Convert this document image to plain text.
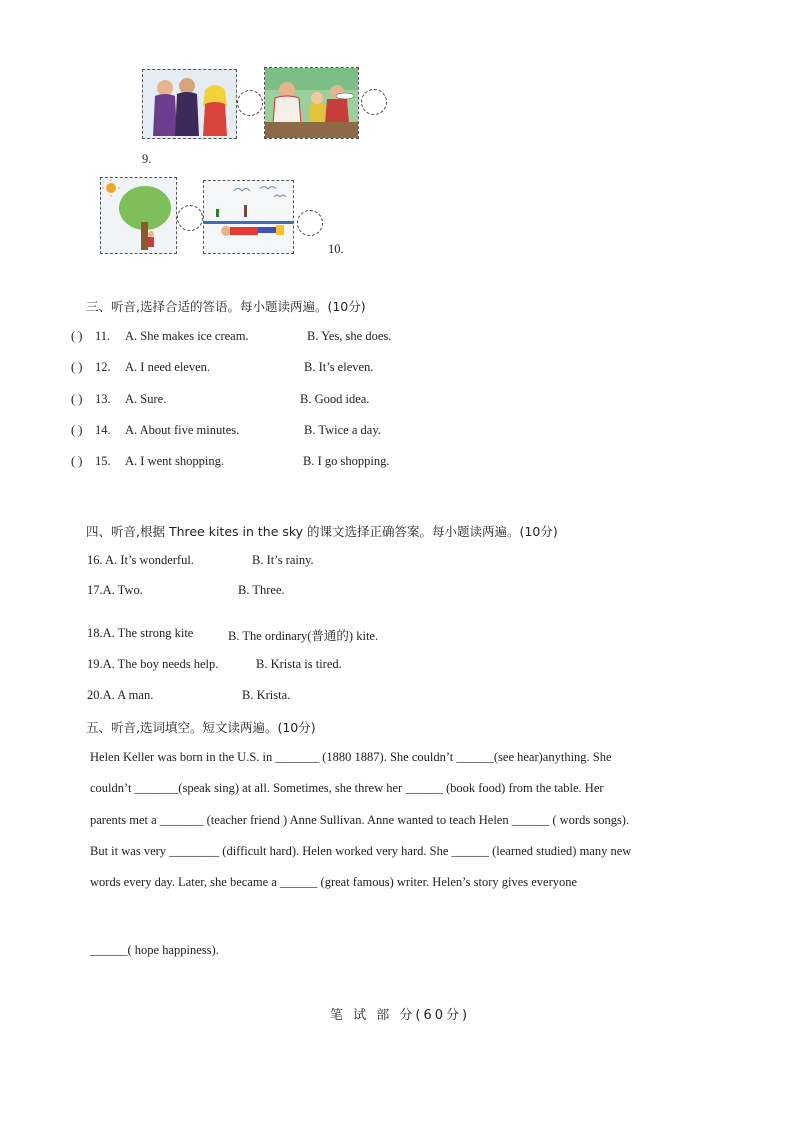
9.
10.
三、听音,选择合适的答语。每小题读两遍。(10分)
( ) 11. A. She makes ice cream.	B. Yes, she does.
( ) 12. A. I need eleven.	B. It’s eleven.
( ) 13. A. Sure.	B. Good idea.
( ) 14. A. About five minutes.	B. Twice a day.
( ) 15. A. I went shopping.	B. I go shopping.
四、听音,根据 Three kites in the sky 的课文选择正确答案。每小题读两遍。(10分)
16. A. It’s wonderful.	B. It’s rainy.
17.A. Two.	B. Three.
18.A. The strong kite	B. The ordinary(普通的) kite.
19.A. The boy needs help.	B. Krista is tired.
20.A. A man.	B. Krista.
五、听音,选词填空。短文读两遍。(10分)
Helen Keller was born in the U.S. in _______ (1880 1887). She couldn’t ______(see hear)anything. She
couldn’t _______(speak sing) at all. Sometimes, she threw her ______ (book food) from the table. Her
parents met a _______ (teacher friend ) Anne Sullivan. Anne wanted to teach Helen ______ ( words songs).
But it was very ________ (difficult hard). Helen worked very hard. She ______ (learned studied) many new
words every day. Later, she became a ______ (great famous) writer. Helen’s story gives everyone
______( hope happiness).
笔 试 部 分(60分)
